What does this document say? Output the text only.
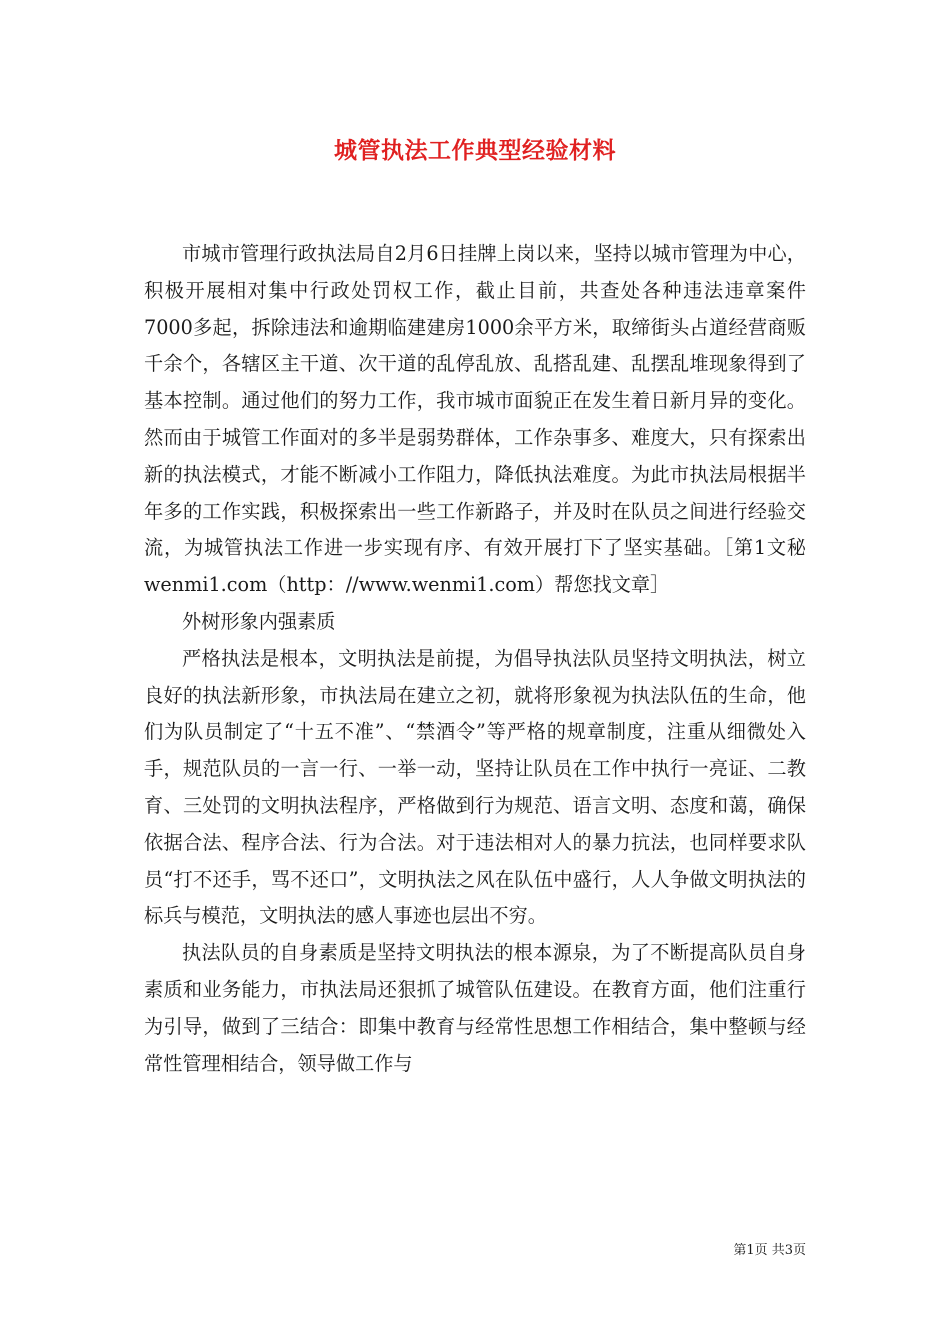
城管执法工作典型经验材料

市城市管理行政执法局自2月6日挂牌上岗以来，坚持以城市管理为中心，积极开展相对集中行政处罚权工作，截止目前，共查处各种违法违章案件7000多起，拆除违法和逾期临建建房1000余平方米，取缔街头占道经营商贩千余个，各辖区主干道、次干道的乱停乱放、乱搭乱建、乱摆乱堆现象得到了基本控制。通过他们的努力工作，我市城市面貌正在发生着日新月异的变化。然而由于城管工作面对的多半是弱势群体，工作杂事多、难度大，只有探索出新的执法模式，才能不断减小工作阻力，降低执法难度。为此市执法局根据半年多的工作实践，积极探索出一些工作新路子，并及时在队员之间进行经验交流，为城管执法工作进一步实现有序、有效开展打下了坚实基础。［第1文秘wenmi1.com（http：//www.wenmi1.com）帮您找文章］

外树形象内强素质

严格执法是根本，文明执法是前提，为倡导执法队员坚持文明执法，树立良好的执法新形象，市执法局在建立之初，就将形象视为执法队伍的生命，他们为队员制定了“十五不准”、“禁酒令”等严格的规章制度，注重从细微处入手，规范队员的一言一行、一举一动，坚持让队员在工作中执行一亮证、二教育、三处罚的文明执法程序，严格做到行为规范、语言文明、态度和蔼，确保依据合法、程序合法、行为合法。对于违法相对人的暴力抗法，也同样要求队员“打不还手，骂不还口”，文明执法之风在队伍中盛行，人人争做文明执法的标兵与模范，文明执法的感人事迹也层出不穷。

执法队员的自身素质是坚持文明执法的根本源泉，为了不断提高队员自身素质和业务能力，市执法局还狠抓了城管队伍建设。在教育方面，他们注重行为引导，做到了三结合：即集中教育与经常性思想工作相结合，集中整顿与经常性管理相结合，领导做工作与

第1页 共3页
